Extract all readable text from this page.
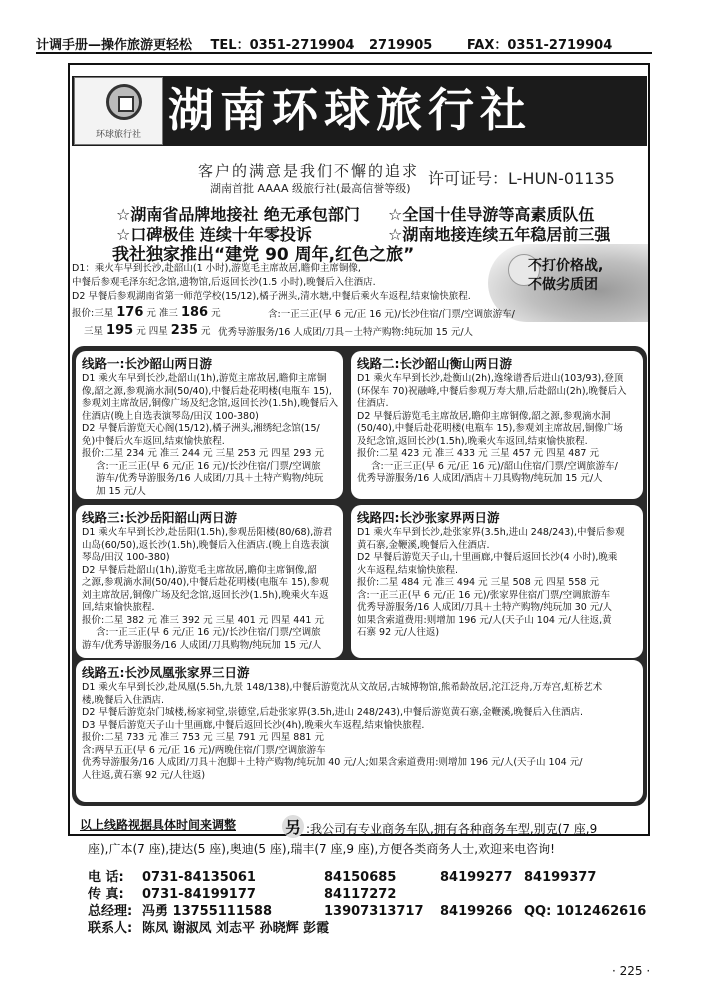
计调手册—操作旅游更轻松 TEL：0351-2719904 2719905	FAX：0351-2719904
环球旅行社 湖南环球旅行社
客户的满意是我们不懈的追求
湖南首批 AAAA 级旅行社(最高信誉等级)
许可证号：L-HUN-01135
☆湖南省品牌地接社 绝无承包部门 ☆全国十佳导游等高素质队伍
☆口碑极佳 连续十年零投诉	☆湖南地接连续五年稳居前三强
我社独家推出“建党 90 周年,红色之旅”
不打价格战,
不做劣质团
D1：乘火车早到长沙,赴韶山(1 小时),游览毛主席故居,瞻仰主席铜像,
中餐后参观毛泽东纪念馆,遗物馆,后返回长沙(1.5 小时),晚餐后入住酒店.
D2 早餐后参观湖南省第一师范学校(15/12),橘子洲头,清水塘,中餐后乘火车返程,结束愉快旅程.
报价:三星 176 元 准三 186 元	含:一正三正(早 6 元/正 16 元)/长沙住宿/门票/空调旅游车/
三星 195 元 四星 235 元 优秀导游服务/16 人成团/刀具－土特产购物:纯玩加 15 元/人
线路一:长沙韶山两日游
D1 乘火车早到长沙,赴韶山(1h),游览主席故居,瞻仰主席铜
像,韶之源,参观滴水洞(50/40),中餐后赴花明楼(电瓶车 15),
参观刘主席故居,铜像广场及纪念馆,返回长沙(1.5h),晚餐后入
住酒店(晚上自选表演琴岛/田汉 100-380)
D2 早餐后游览天心阁(15/12),橘子洲头,湘绣纪念馆(15/
免)中餐后火车返回,结束愉快旅程.
报价:二星 234 元 准三 244 元 三星 253 元 四星 293 元
含:一正三正(早 6 元/正 16 元)/长沙住宿/门票/空调旅
游车/优秀导游服务/16 人成团/刀具＋土特产购物/纯玩
加 15 元/人
线路二:长沙韶山衡山两日游
D1 乘火车早到长沙,赴衡山(2h),逸缘谱香后进山(103/93),登顶
(环保车 70)祝融峰,中餐后参观万寿大鼎,后赴韶山(2h),晚餐后入
住酒店.
D2 早餐后游览毛主席故居,瞻仰主席铜像,韶之源,参观滴水洞
(50/40),中餐后赴花明楼(电瓶车 15),参观刘主席故居,铜像广场
及纪念馆,返回长沙(1.5h),晚乘火车返回,结束愉快旅程.
报价:二星 423 元 准三 433 元 三星 457 元 四星 487 元
含:一正三正(早 6 元/正 16 元)/韶山住宿/门票/空调旅游车/
优秀导游服务/16 人成团/酒店＋刀具购物/纯玩加 15 元/人
线路三:长沙岳阳韶山两日游
D1 乘火车早到长沙,赴岳阳(1.5h),参观岳阳楼(80/68),游君
山岛(60/50),返长沙(1.5h),晚餐后入住酒店.(晚上自选表演
琴岛/田汉 100-380)
D2 早餐后赴韶山(1h),游览毛主席故居,瞻仰主席铜像,韶
之源,参观滴水洞(50/40),中餐后赴花明楼(电瓶车 15),参观
刘主席故居,铜像广场及纪念馆,返回长沙(1.5h),晚乘火车返
回,结束愉快旅程.
报价:二星 382 元 准三 392 元 三星 401 元 四星 441 元
含:一正三正(早 6 元/正 16 元)/长沙住宿/门票/空调旅
游车/优秀导游服务/16 人成团/刀具购物/纯玩加 15 元/人
线路四:长沙张家界两日游
D1 乘火车早到长沙,赴张家界(3.5h,进山 248/243),中餐后参观
黄石寨,金鞭溪,晚餐后入住酒店.
D2 早餐后游览天子山,十里画廊,中餐后返回长沙(4 小时),晚乘
火车返程,结束愉快旅程.
报价:二星 484 元 准三 494 元 三星 508 元 四星 558 元
含:一正三正(早 6 元/正 16 元)/张家界住宿/门票/空调旅游车
优秀导游服务/16 人成团/刀具＋土特产购物/纯玩加 30 元/人
如果含索道费用:则增加 196 元/人(天子山 104 元/人往返,黄
石寨 92 元/人往返)
线路五:长沙凤凰张家界三日游
D1 乘火车早到长沙,赴凤凰(5.5h,九景 148/138),中餐后游览沈从文故居,古城博物馆,熊希龄故居,沱江泛舟,万寿宫,虹桥艺术
楼,晚餐后入住酒店.
D2 早餐后游览杂门城楼,杨家祠堂,崇德堂,后赴张家界(3.5h,进山 248/243),中餐后游览黄石寨,金鞭溪,晚餐后入住酒店.
D3 早餐后游览天子山十里画廊,中餐后返回长沙(4h),晚乘火车返程,结束愉快旅程.
报价:二星 733 元 准三 753 元 三星 791 元 四星 881 元
含:两早五正(早 6 元/正 16 元)/两晚住宿/门票/空调旅游车
优秀导游服务/16 人成团/刀具＋泡脚＋土特产购物/纯玩加 40 元/人;如果含索道费用:则增加 196 元/人(天子山 104 元/
人往返,黄石寨 92 元/人往返)
以上线路视据具体时间来调整	另 :我公司有专业商务车队,拥有各种商务车型,别克(7 座,9
座),广本(7 座),捷达(5 座),奥迪(5 座),瑞丰(7 座,9 座),方便各类商务人士,欢迎来电咨询!
电 话: 0731-84135061	84150685	84199277 84199377
传 真: 0731-84199177	84117272
总经理: 冯勇 13755111588	13907313717 84199266 QQ: 1012462616
联系人: 陈凤 谢淑凤 刘志平 孙晓辉 彭霞
· 225 ·
